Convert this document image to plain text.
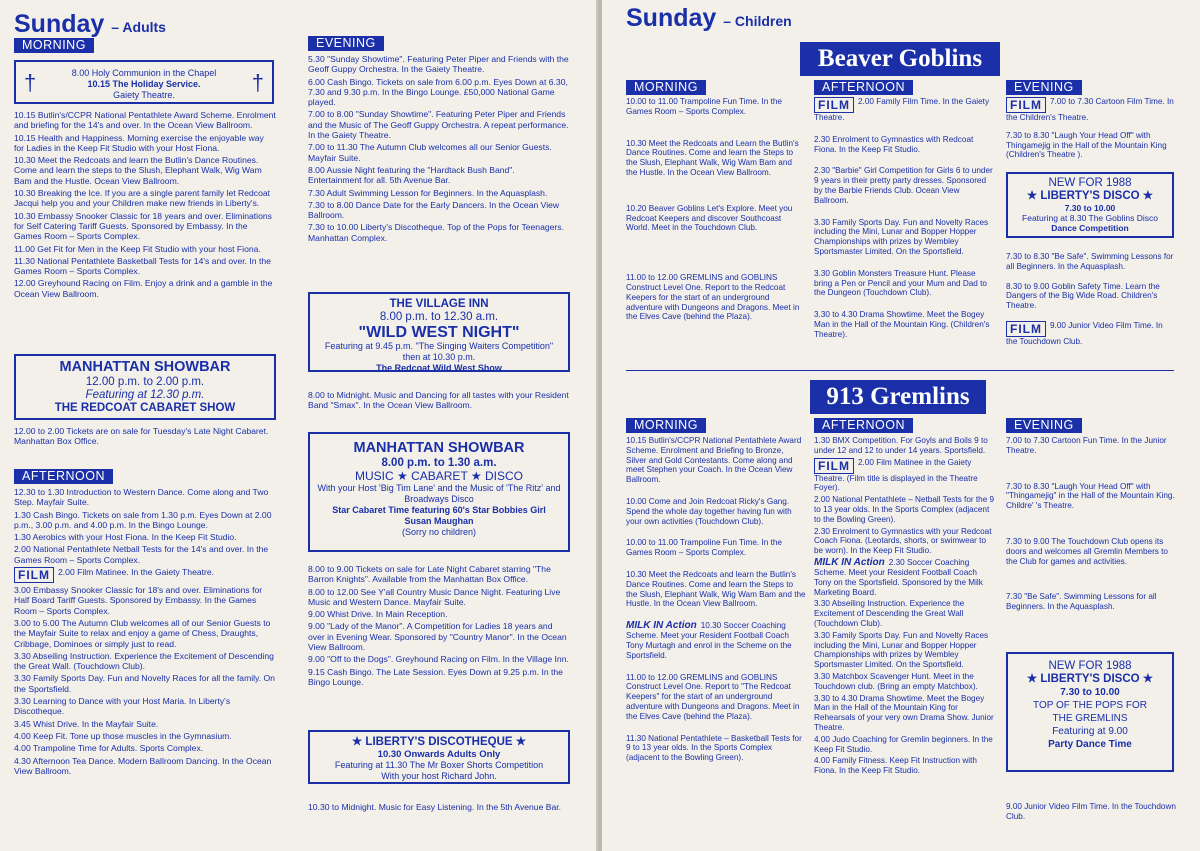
Sunday – Adults
MORNING
†	†
8.00 Holy Communion in the Chapel
10.15 The Holiday Service.
Gaiety Theatre.

10.15 Butlin's/CCPR National Pentathlete Award Scheme. Enrolment and briefing for the 14's and over. In the Ocean View Ballroom.

10.15 Health and Happiness. Morning exercise the enjoyable way for Ladies in the Keep Fit Studio with your Host Fiona.

10.30 Meet the Redcoats and learn the Butlin's Dance Routines. Come and learn the steps to the Slush, Elephant Walk, Wig Wam Bam and the Hustle. Ocean View Ballroom.

10.30 Breaking the Ice. If you are a single parent family let Redcoat Jacqui help you and your Children make new friends in Liberty's.

10.30 Embassy Snooker Classic for 18 years and over. Eliminations for Self Catering Tariff Guests. Sponsored by Embassy. In the Games Room – Sports Complex.

11.00 Get Fit for Men in the Keep Fit Studio with your host Fiona.

11.30 National Pentathlete Basketball Tests for 14's and over. In the Games Room – Sports Complex.

12.00 Greyhound Racing on Film. Enjoy a drink and a gamble in the Ocean View Ballroom.

MANHATTAN SHOWBAR
12.00 p.m. to 2.00 p.m.
Featuring at 12.30 p.m.
THE REDCOAT CABARET SHOW
12.00 to 2.00 Tickets are on sale for Tuesday's Late Night Cabaret. Manhattan Box Office.
AFTERNOON

12.30 to 1.30 Introduction to Western Dance. Come along and Two Step. Mayfair Suite.

1.30 Cash Bingo. Tickets on sale from 1.30 p.m. Eyes Down at 2.00 p.m., 3.00 p.m. and 4.00 p.m. In the Bingo Lounge.

1.30 Aerobics with your Host Fiona. In the Keep Fit Studio.

2.00 National Pentathlete Netball Tests for the 14's and over. In the Games Room – Sports Complex.

FILM 2.00 Film Matinee. In the Gaiety Theatre.

3.00 Embassy Snooker Classic for 18's and over. Eliminations for Half Board Tariff Guests. Sponsored by Embassy. In the Games Room – Sports Complex.

3.00 to 5.00 The Autumn Club welcomes all of our Senior Guests to the Mayfair Suite to relax and enjoy a game of Chess, Draughts, Cribbage, Dominoes or simply just to read.

3.30 Abseiling Instruction. Experience the Excitement of Descending the Great Wall. (Touchdown Club).

3.30 Family Sports Day. Fun and Novelty Races for all the family. On the Sportsfield.

3.30 Learning to Dance with your Host Maria. In Liberty's Discotheque.

3.45 Whist Drive. In the Mayfair Suite.

4.00 Keep Fit. Tone up those muscles in the Gymnasium.

4.00 Trampoline Time for Adults. Sports Complex.

4.30 Afternoon Tea Dance. Modern Ballroom Dancing. In the Ocean View Ballroom.

EVENING

5.30 "Sunday Showtime". Featuring Peter Piper and Friends with the Geoff Guppy Orchestra. In the Gaiety Theatre.

6.00 Cash Bingo. Tickets on sale from 6.00 p.m. Eyes Down at 6.30, 7.30 and 9.30 p.m. In the Bingo Lounge. £50,000 National Game played.

7.00 to 8.00 "Sunday Showtime". Featuring Peter Piper and Friends and the Music of The Geoff Guppy Orchestra. A repeat performance. In the Gaiety Theatre.

7.00 to 11.30 The Autumn Club welcomes all our Senior Guests. Mayfair Suite.

8.00 Aussie Night featuring the "Hardtack Bush Band". Entertainment for all. 5th Avenue Bar.

7.30 Adult Swimming Lesson for Beginners. In the Aquasplash.

7.30 to 8.00 Dance Date for the Early Dancers. In the Ocean View Ballroom.

7.30 to 10.00 Liberty's Discotheque. Top of the Pops for Teenagers. Manhattan Complex.

THE VILLAGE INN
8.00 p.m. to 12.30 a.m.
"WILD WEST NIGHT"
Featuring at 9.45 p.m. "The Singing Waiters Competition" then at 10.30 p.m.
The Redcoat Wild West Show
8.00 to Midnight. Music and Dancing for all tastes with your Resident Band "Smax". In the Ocean View Ballroom.
MANHATTAN SHOWBAR
8.00 p.m. to 1.30 a.m.
MUSIC ★ CABARET ★ DISCO
With your Host 'Big Tim Lane' and the Music of 'The Ritz' and Broadways Disco
Star Cabaret Time featuring 60's Star Bobbies Girl
Susan Maughan
(Sorry no children)

8.00 to 9.00 Tickets on sale for Late Night Cabaret starring "The Barron Knights". Available from the Manhattan Box Office.

8.00 to 12.00 See Y'all Country Music Dance Night. Featuring Live Music and Western Dance. Mayfair Suite.

9.00 Whist Drive. In Main Reception.

9.00 "Lady of the Manor". A Competition for Ladies 18 years and over in Evening Wear. Sponsored by "Country Manor". In the Ocean View Ballroom.

9.00 "Off to the Dogs". Greyhound Racing on Film. In the Village Inn.

9.15 Cash Bingo. The Late Session. Eyes Down at 9.25 p.m. In the Bingo Lounge.

★ LIBERTY'S DISCOTHEQUE ★
10.30 Onwards Adults Only
Featuring at 11.30 The Mr Boxer Shorts Competition
With your host Richard John.
10.30 to Midnight. Music for Easy Listening. In the 5th Avenue Bar.
Sunday – Children
Beaver Goblins
MORNING	AFTERNOON	EVENING

10.00 to 11.00 Trampoline Fun Time. In the Games Room – Sports Complex.

10.30 Meet the Redcoats and Learn the Butlin's Dance Routines. Come and learn the Steps to the Slush, Elephant Walk, Wig Wam Bam and the Hustle. In the Ocean View Ballroom.

10.20 Beaver Goblins Let's Explore. Meet you Redcoat Keepers and discover Southcoast World. Meet in the Touchdown Club.

11.00 to 12.00 GREMLINS and GOBLINS Construct Level One. Report to the Redcoat Keepers for the start of an underground adventure with Dungeons and Dragons. Meet in the Elves Cave (behind the Plaza).

FILM 2.00 Family Film Time. In the Gaiety Theatre.

2.30 Enrolment to Gymnastics with Redcoat Fiona. In the Keep Fit Studio.

2.30 "Barbie" Girl Competition for Girls 6 to under 9 years in their pretty party dresses. Sponsored by the Barbie Friends Club. Ocean View Ballroom.

3.30 Family Sports Day. Fun and Novelty Races including the Mini, Lunar and Bopper Hopper Championships with prizes by Wembley Sportsmaster Limited. On the Sportsfield.

3.30 Goblin Monsters Treasure Hunt. Please bring a Pen or Pencil and your Mum and Dad to the Dungeon (Touchdown Club).

3.30 to 4.30 Drama Showtime. Meet the Bogey Man in the Hall of the Mountain King. (Children's Theatre).

FILM 7.00 to 7.30 Cartoon Film Time. In the Children's Theatre.

7.30 to 8.30 "Laugh Your Head Off" with Thingamejig in the Hall of the Mountain King (Children's Theatre ).

NEW FOR 1988
★ LIBERTY'S DISCO ★
7.30 to 10.00
Featuring at 8.30 The Goblins Disco
Dance Competition

7.30 to 8.30 "Be Safe". Swimming Lessons for all Beginners. In the Aquasplash.

8.30 to 9.00 Goblin Safety Time. Learn the Dangers of the Big Wide Road. Children's Theatre.

FILM 9.00 Junior Video Film Time. In the Touchdown Club.

913 Gremlins
MORNING	AFTERNOON	EVENING

10.15 Butlin's/CCPR National Pentathlete Award Scheme. Enrolment and Briefing to Bronze, Silver and Gold Contestants. Come along and meet Stephen your Coach. In the Ocean View Ballroom.

10.00 Come and Join Redcoat Ricky's Gang. Spend the whole day together having fun with your own activities (Touchdown Club).

10.00 to 11.00 Trampoline Fun Time. In the Games Room – Sports Complex.

10.30 Meet the Redcoats and learn the Butlin's Dance Routines. Come and learn the Steps to the Slush, Elephant Walk, Wig Wam Bam and the Hustle. In the Ocean View Ballroom.

MILK IN Action 10.30 Soccer Coaching Scheme. Meet your Resident Football Coach Tony Murtagh and enrol in the Scheme on the Sportsfield.

11.00 to 12.00 GREMLINS and GOBLINS Construct Level One. Report to "The Redcoat Keepers" for the start of an underground adventure with Dungeons and Dragons. Meet in the Elves Cave (behind the Plaza).

11.30 National Pentathlete – Basketball Tests for 9 to 13 year olds. In the Sports Complex (adjacent to the Bowling Green).

1.30 BMX Competition. For Goyls and Boils 9 to under 12 and 12 to under 14 years. Sportsfield.

FILM 2.00 Film Matinee in the Gaiety Theatre. (Film title is displayed in the Theatre Foyer).

2.00 National Pentathlete – Netball Tests for the 9 to 13 year olds. In the Sports Complex (adjacent to the Bowling Green).

2.30 Enrolment to Gymnastics with your Redcoat Coach Fiona. (Leotards, shorts, or swimwear to be worn). In the Keep Fit Studio.

MILK IN Action 2.30 Soccer Coaching Scheme. Meet your Resident Football Coach Tony on the Sportsfield. Sponsored by the Milk Marketing Board.

3.30 Abseiling Instruction. Experience the Excitement of Descending the Great Wall (Touchdown Club).

3.30 Family Sports Day. Fun and Novelty Races including the Mini, Lunar and Bopper Hopper Championships with prizes by Wembley Sportsmaster Limited. On the Sportsfield.

3.30 Matchbox Scavenger Hunt. Meet in the Touchdown club. (Bring an empty Matchbox).

3.30 to 4.30 Drama Showtime. Meet the Bogey Man in the Hall of the Mountain King for Rehearsals of your very own Drama Show. Junior Theatre.

4.00 Judo Coaching for Gremlin beginners. In the Keep Fit Studio.

4.00 Family Fitness. Keep Fit Instruction with Fiona. In the Keep Fit Studio.

7.00 to 7.30 Cartoon Fun Time. In the Junior Theatre.

7.30 to 8.30 "Laugh Your Head Off" with "Thingamejig" in the Hall of the Mountain King. Childre' 's Theatre.

7.30 to 9.00 The Touchdown Club opens its doors and welcomes all Gremlin Members to the Club for games and activities.

7.30 "Be Safe". Swimming Lessons for all Beginners. In the Aquasplash.

NEW FOR 1988
★ LIBERTY'S DISCO ★
7.30 to 10.00
TOP OF THE POPS FOR
THE GREMLINS
Featuring at 9.00
Party Dance Time
9.00 Junior Video Film Time. In the Touchdown Club.
